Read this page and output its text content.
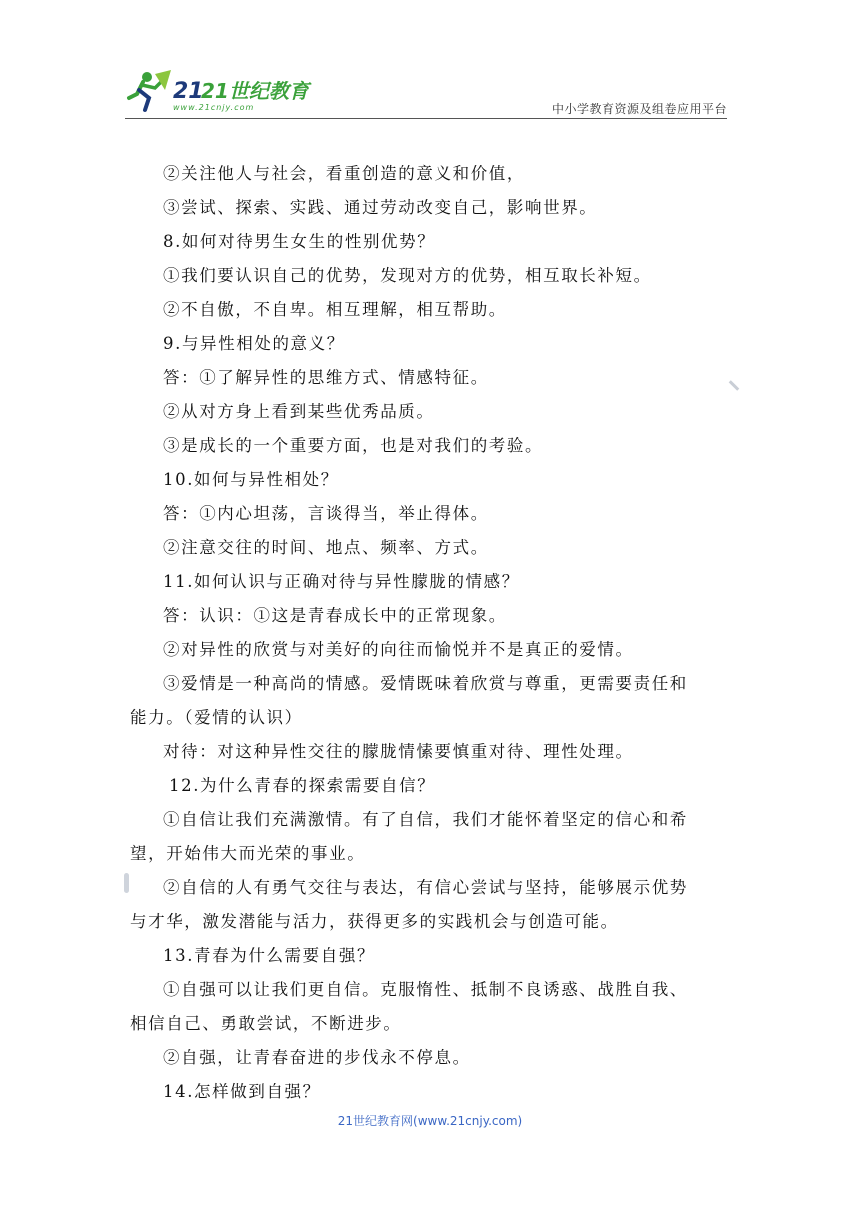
21
21世纪教育
www.21cnjy.com	中小学教育资源及组卷应用平台

②关注他人与社会，看重创造的意义和价值，

③尝试、探索、实践、通过劳动改变自己，影响世界。

8.如何对待男生女生的性别优势？

①我们要认识自己的优势，发现对方的优势，相互取长补短。

②不自傲，不自卑。相互理解，相互帮助。

9.与异性相处的意义？

答：①了解异性的思维方式、情感特征。

②从对方身上看到某些优秀品质。

③是成长的一个重要方面，也是对我们的考验。

10.如何与异性相处？

答：①内心坦荡，言谈得当，举止得体。

②注意交往的时间、地点、频率、方式。

11.如何认识与正确对待与异性朦胧的情感？

答：认识：①这是青春成长中的正常现象。

②对异性的欣赏与对美好的向往而愉悦并不是真正的爱情。

③爱情是一种高尚的情感。爱情既味着欣赏与尊重，更需要责任和

能力。（爱情的认识）

对待：对这种异性交往的朦胧情愫要慎重对待、理性处理。

12.为什么青春的探索需要自信？

①自信让我们充满激情。有了自信，我们才能怀着坚定的信心和希

望，开始伟大而光荣的事业。

②自信的人有勇气交往与表达，有信心尝试与坚持，能够展示优势

与才华，激发潜能与活力，获得更多的实践机会与创造可能。

13.青春为什么需要自强？

①自强可以让我们更自信。克服惰性、抵制不良诱惑、战胜自我、

相信自己、勇敢尝试，不断进步。

②自强，让青春奋进的步伐永不停息。

14.怎样做到自强？

21世纪教育网(www.21cnjy.com)
